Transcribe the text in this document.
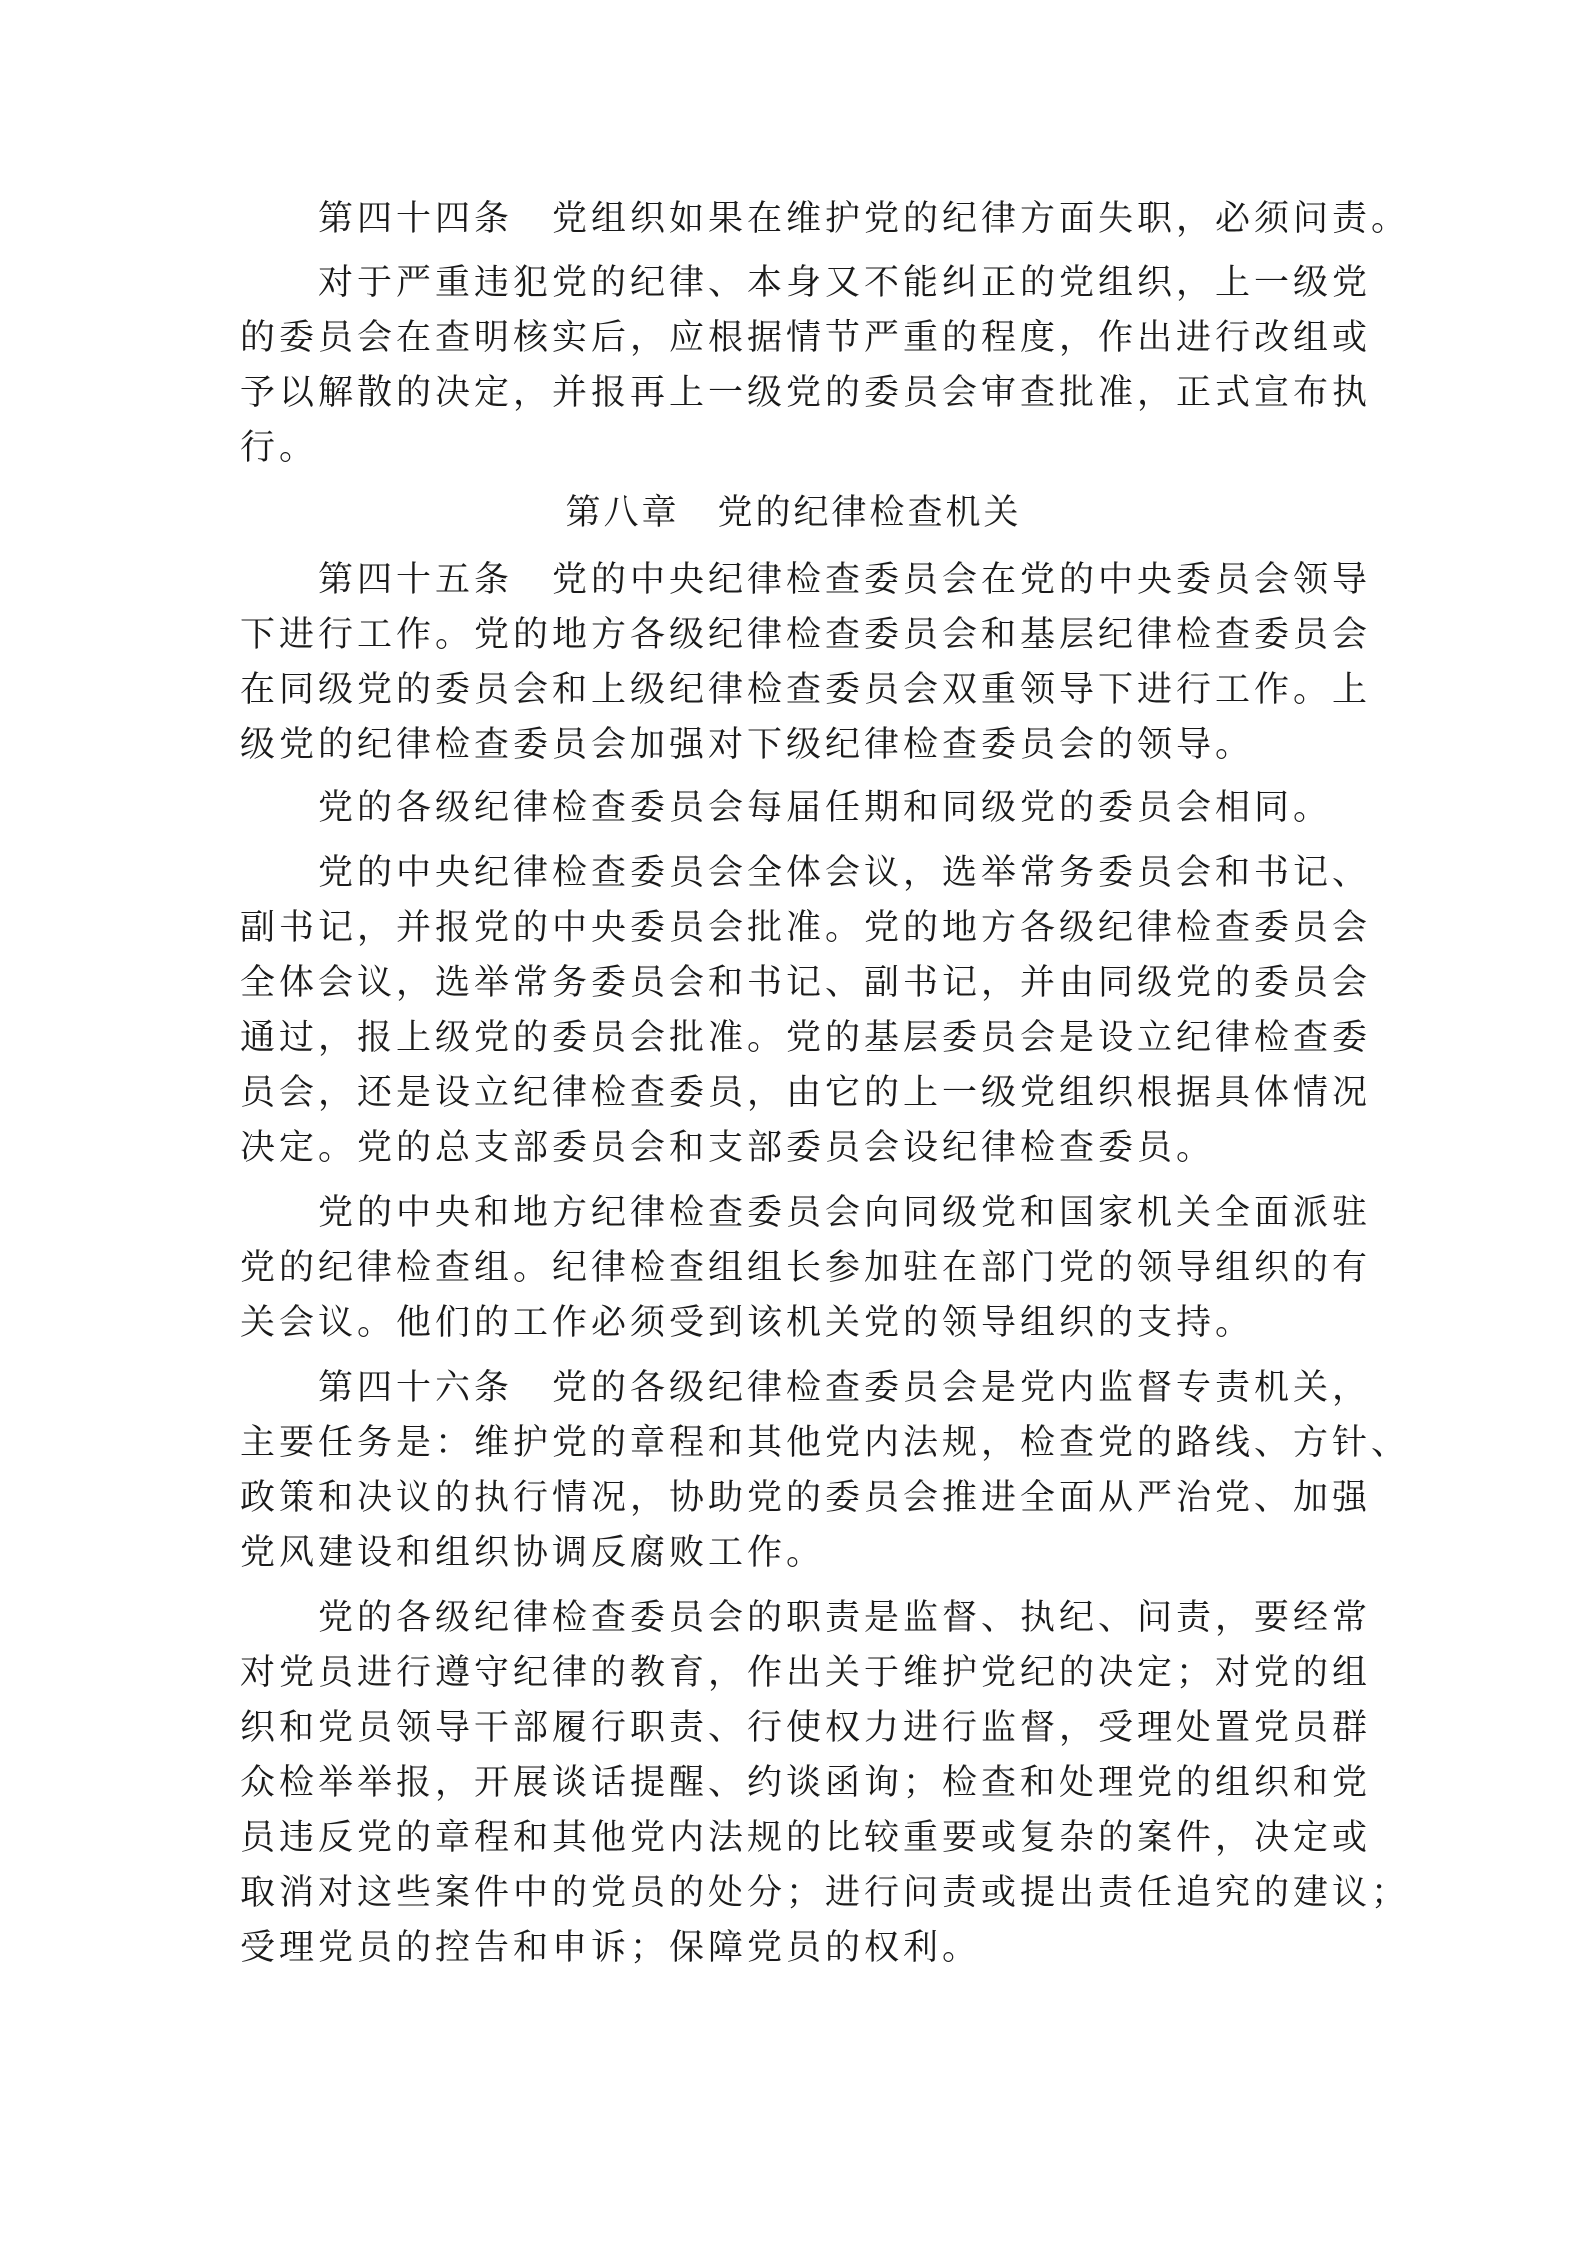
第四十四条　党组织如果在维护党的纪律方面失职，必须问责。
对于严重违犯党的纪律、本身又不能纠正的党组织，上一级党
的委员会在查明核实后，应根据情节严重的程度，作出进行改组或
予以解散的决定，并报再上一级党的委员会审查批准，正式宣布执
行。
第八章　党的纪律检查机关
第四十五条　党的中央纪律检查委员会在党的中央委员会领导
下进行工作。党的地方各级纪律检查委员会和基层纪律检查委员会
在同级党的委员会和上级纪律检查委员会双重领导下进行工作。上
级党的纪律检查委员会加强对下级纪律检查委员会的领导。
党的各级纪律检查委员会每届任期和同级党的委员会相同。
党的中央纪律检查委员会全体会议，选举常务委员会和书记、
副书记，并报党的中央委员会批准。党的地方各级纪律检查委员会
全体会议，选举常务委员会和书记、副书记，并由同级党的委员会
通过，报上级党的委员会批准。党的基层委员会是设立纪律检查委
员会，还是设立纪律检查委员，由它的上一级党组织根据具体情况
决定。党的总支部委员会和支部委员会设纪律检查委员。
党的中央和地方纪律检查委员会向同级党和国家机关全面派驻
党的纪律检查组。纪律检查组组长参加驻在部门党的领导组织的有
关会议。他们的工作必须受到该机关党的领导组织的支持。
第四十六条　党的各级纪律检查委员会是党内监督专责机关，
主要任务是：维护党的章程和其他党内法规，检查党的路线、方针、
政策和决议的执行情况，协助党的委员会推进全面从严治党、加强
党风建设和组织协调反腐败工作。
党的各级纪律检查委员会的职责是监督、执纪、问责，要经常
对党员进行遵守纪律的教育，作出关于维护党纪的决定；对党的组
织和党员领导干部履行职责、行使权力进行监督，受理处置党员群
众检举举报，开展谈话提醒、约谈函询；检查和处理党的组织和党
员违反党的章程和其他党内法规的比较重要或复杂的案件，决定或
取消对这些案件中的党员的处分；进行问责或提出责任追究的建议；
受理党员的控告和申诉；保障党员的权利。
